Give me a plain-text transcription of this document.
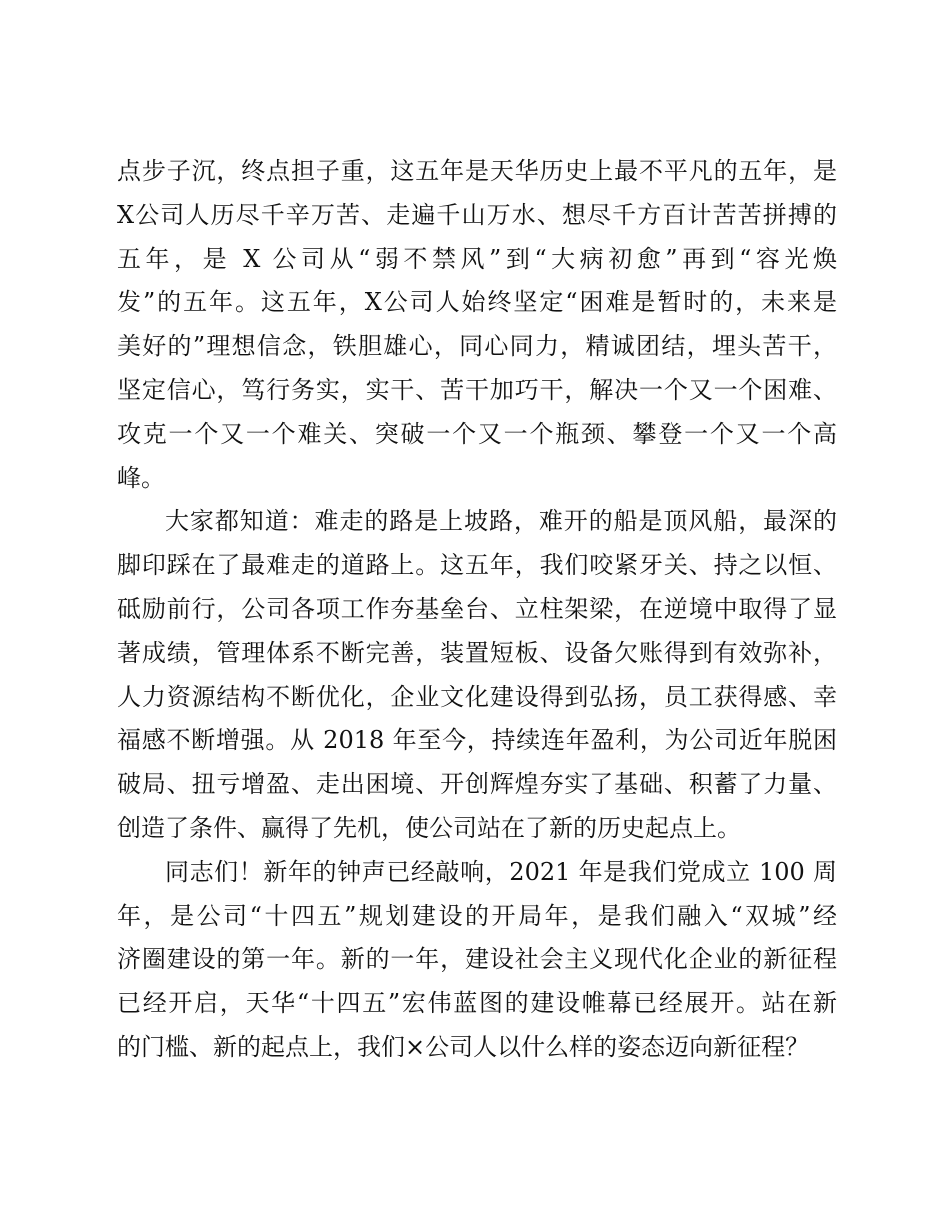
点步子沉，终点担子重，这五年是天华历史上最不平凡的五年，是
X公司人历尽千辛万苦、走遍千山万水、想尽千方百计苦苦拼搏的
五年，是 X 公司从“弱不禁风”到“大病初愈”再到“容光焕
发”的五年。这五年，X公司人始终坚定“困难是暂时的，未来是
美好的”理想信念，铁胆雄心，同心同力，精诚团结，埋头苦干，
坚定信心，笃行务实，实干、苦干加巧干，解决一个又一个困难、
攻克一个又一个难关、突破一个又一个瓶颈、攀登一个又一个高
峰。
大家都知道：难走的路是上坡路，难开的船是顶风船，最深的
脚印踩在了最难走的道路上。这五年，我们咬紧牙关、持之以恒、
砥励前行，公司各项工作夯基垒台、立柱架梁，在逆境中取得了显
著成绩，管理体系不断完善，装置短板、设备欠账得到有效弥补，
人力资源结构不断优化，企业文化建设得到弘扬，员工获得感、幸
福感不断增强。从 2018 年至今，持续连年盈利，为公司近年脱困
破局、扭亏增盈、走出困境、开创辉煌夯实了基础、积蓄了力量、
创造了条件、赢得了先机，使公司站在了新的历史起点上。
同志们！新年的钟声已经敲响，2021 年是我们党成立 100 周
年，是公司“十四五”规划建设的开局年，是我们融入“双城”经
济圈建设的第一年。新的一年，建设社会主义现代化企业的新征程
已经开启，天华“十四五”宏伟蓝图的建设帷幕已经展开。站在新
的门槛、新的起点上，我们×公司人以什么样的姿态迈向新征程？
